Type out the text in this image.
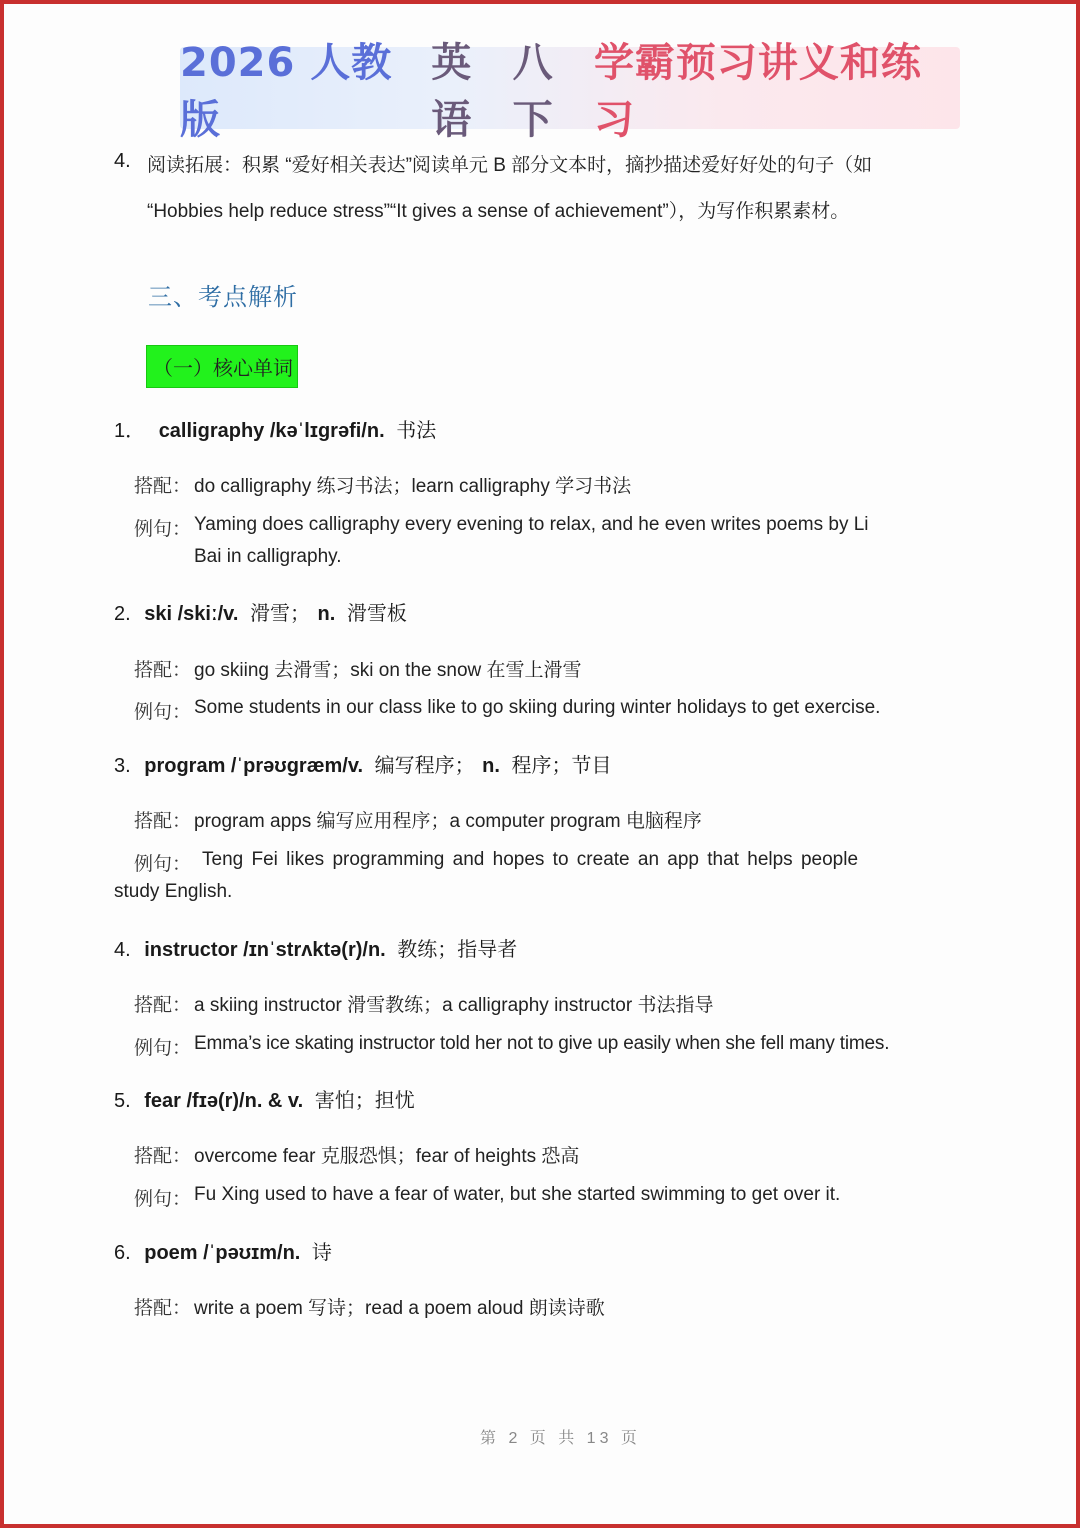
2026 人教版
英语
八下
学霸预习讲义和练习
4. 阅读拓展：积累 “爱好相关表达”阅读单元 B 部分文本时，摘抄描述爱好好处的句子（如
“Hobbies help reduce stress”“It gives a sense of achievement”），为写作积累素材。
三、考点解析
（一）核心单词
1． calligraphy /kəˈlɪɡrəfi/n. 书法
搭配： do calligraphy 练习书法；learn calligraphy 学习书法
例句： Yaming does calligraphy every evening to relax, and he even writes poems by Li
Bai in calligraphy.
2. ski /skiː/v. 滑雪； n. 滑雪板
搭配： go skiing 去滑雪；ski on the snow 在雪上滑雪
例句： Some students in our class like to go skiing during winter holidays to get exercise.
3. program /ˈprəʊɡræm/v. 编写程序； n. 程序；节目
搭配： program apps 编写应用程序；a computer program 电脑程序
例句： Teng Fei likes programming and hopes to create an app that helps people
study English.
4. instructor /ɪnˈstrʌktə(r)/n. 教练；指导者
搭配： a skiing instructor 滑雪教练；a calligraphy instructor 书法指导
例句： Emma’s ice skating instructor told her not to give up easily when she fell many times.
5. fear /fɪə(r)/n. & v. 害怕；担忧
搭配： overcome fear 克服恐惧；fear of heights 恐高
例句： Fu Xing used to have a fear of water, but she started swimming to get over it.
6. poem /ˈpəʊɪm/n. 诗
搭配： write a poem 写诗；read a poem aloud 朗读诗歌
第 2 页 共 13 页
